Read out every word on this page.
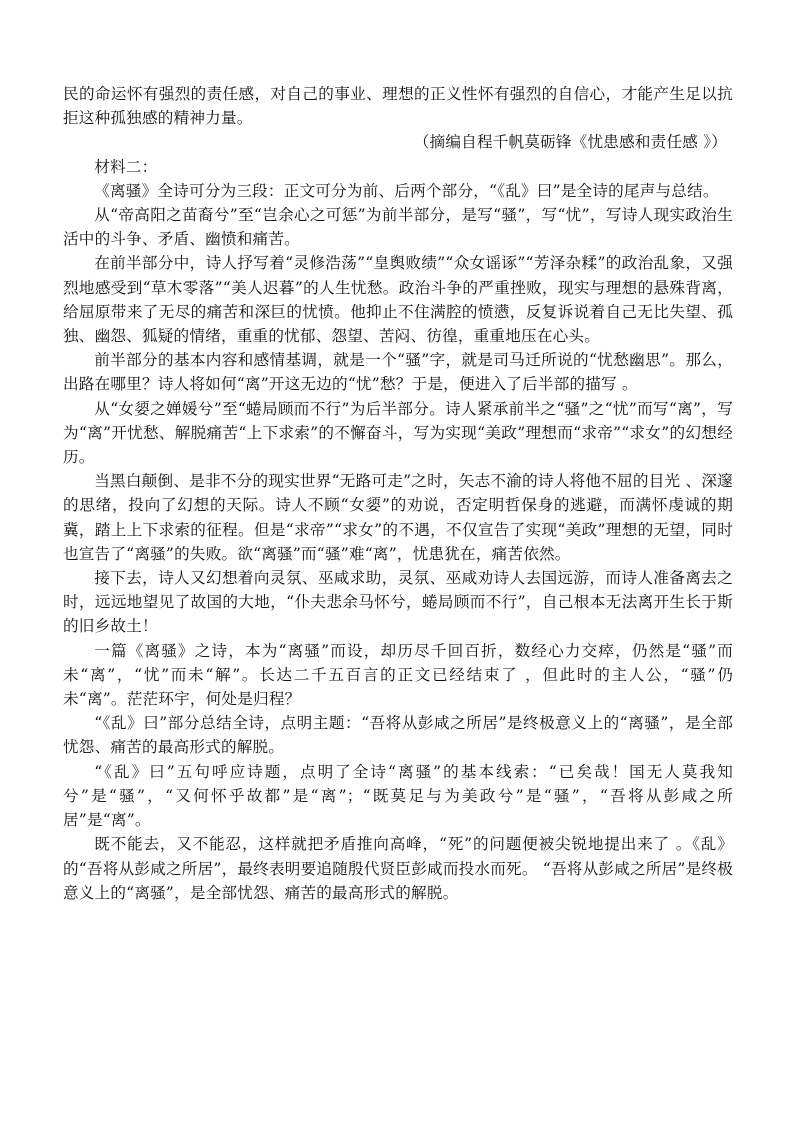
民的命运怀有强烈的责任感，对自己的事业、理想的正义性怀有强烈的自信心，才能产生足以抗拒这种孤独感的精神力量。

（摘编自程千帆莫砺锋《忧患感和责任感 》）

材料二：

《离骚》全诗可分为三段：正文可分为前、后两个部分，“《乱》曰”是全诗的尾声与总结。

从“帝高阳之苗裔兮”至“岂余心之可惩”为前半部分，是写“骚”，写“忧”，写诗人现实政治生活中的斗争、矛盾、幽愤和痛苦。

在前半部分中，诗人抒写着“灵修浩荡”“皇舆败绩”“众女谣诼”“芳泽杂糅”的政治乱象，又强烈地感受到“草木零落”“美人迟暮”的人生忧愁。政治斗争的严重挫败，现实与理想的悬殊背离，给屈原带来了无尽的痛苦和深巨的忧愤。他抑止不住满腔的愤懑，反复诉说着自己无比失望、孤独、幽怨、狐疑的情绪，重重的忧郁、怨望、苦闷、彷徨，重重地压在心头。

前半部分的基本内容和感情基调，就是一个“骚”字，就是司马迁所说的“忧愁幽思”。那么，出路在哪里？诗人将如何“离”开这无边的“忧”愁？于是，便进入了后半部的描写 。

从“女媭之婵媛兮”至“蜷局顾而不行”为后半部分。诗人紧承前半之“骚”之“忧”而写“离”，写为“离”开忧愁、解脱痛苦“上下求索”的不懈奋斗，写为实现“美政”理想而“求帝”“求女”的幻想经历。

当黑白颠倒、是非不分的现实世界“无路可走”之时，矢志不渝的诗人将他不屈的目光 、深邃的思绪，投向了幻想的天际。诗人不顾“女媭”的劝说，否定明哲保身的逃避，而满怀虔诚的期冀，踏上上下求索的征程。但是“求帝”“求女”的不遇，不仅宣告了实现“美政”理想的无望，同时也宣告了“离骚”的失败。欲“离骚”而“骚”难“离”，忧患犹在，痛苦依然。

接下去，诗人又幻想着向灵氛、巫咸求助，灵氛、巫咸劝诗人去国远游，而诗人准备离去之时，远远地望见了故国的大地，“仆夫悲余马怀兮，蜷局顾而不行”，自己根本无法离开生长于斯的旧乡故土！

一篇《离骚》之诗，本为“离骚”而设，却历尽千回百折，数经心力交瘁，仍然是“骚”而未“离”，“忧”而未“解”。长达二千五百言的正文已经结束了 ，但此时的主人公，“骚”仍未“离”。茫茫环宇，何处是归程？

“《乱》曰”部分总结全诗，点明主题：“吾将从彭咸之所居”是终极意义上的“离骚”，是全部忧怨、痛苦的最高形式的解脱。

“《乱》曰”五句呼应诗题，点明了全诗“离骚”的基本线索：“已矣哉！国无人莫我知兮”是“骚”，“又何怀乎故都”是“离”；“既莫足与为美政兮”是“骚”，“吾将从彭咸之所居”是“离”。

既不能去，又不能忍，这样就把矛盾推向高峰，“死”的问题便被尖锐地提出来了 。《乱》的“吾将从彭咸之所居”，最终表明要追随殷代贤臣彭咸而投水而死。 “吾将从彭咸之所居”是终极意义上的“离骚”，是全部忧怨、痛苦的最高形式的解脱。
